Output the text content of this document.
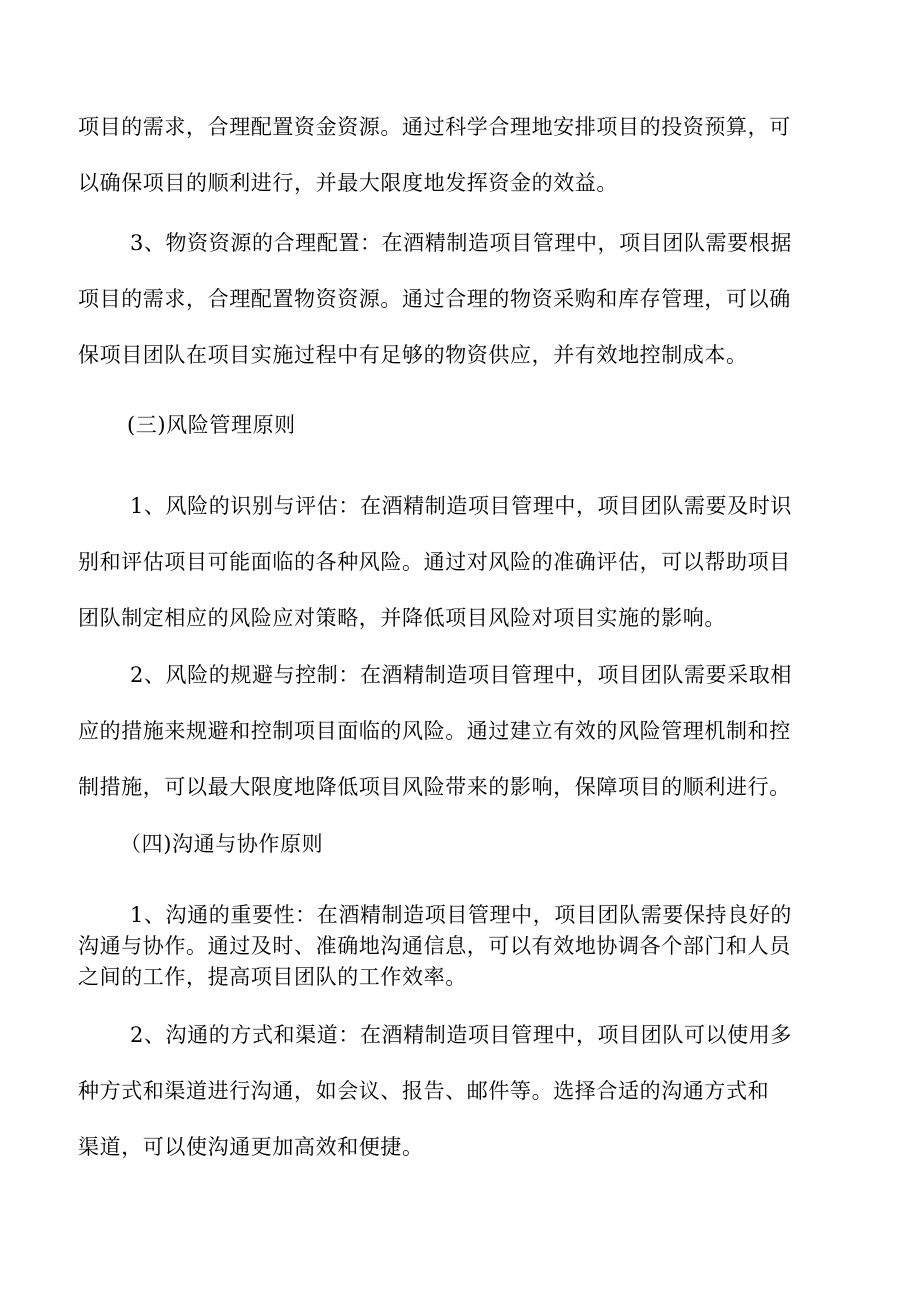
项目的需求，合理配置资金资源。通过科学合理地安排项目的投资预算，可
以确保项目的顺利进行，并最大限度地发挥资金的效益。

3、物资资源的合理配置：在酒精制造项目管理中，项目团队需要根据
项目的需求，合理配置物资资源。通过合理的物资采购和库存管理，可以确
保项目团队在项目实施过程中有足够的物资供应，并有效地控制成本。

(三)风险管理原则

1、风险的识别与评估：在酒精制造项目管理中，项目团队需要及时识
别和评估项目可能面临的各种风险。通过对风险的准确评估，可以帮助项目
团队制定相应的风险应对策略，并降低项目风险对项目实施的影响。

2、风险的规避与控制：在酒精制造项目管理中，项目团队需要采取相
应的措施来规避和控制项目面临的风险。通过建立有效的风险管理机制和控
制措施，可以最大限度地降低项目风险带来的影响，保障项目的顺利进行。

（四)沟通与协作原则

1、沟通的重要性：在酒精制造项目管理中，项目团队需要保持良好的
沟通与协作。通过及时、准确地沟通信息，可以有效地协调各个部门和人员
之间的工作，提高项目团队的工作效率。

2、沟通的方式和渠道：在酒精制造项目管理中，项目团队可以使用多
种方式和渠道进行沟通，如会议、报告、邮件等。选择合适的沟通方式和
渠道，可以使沟通更加高效和便捷。
